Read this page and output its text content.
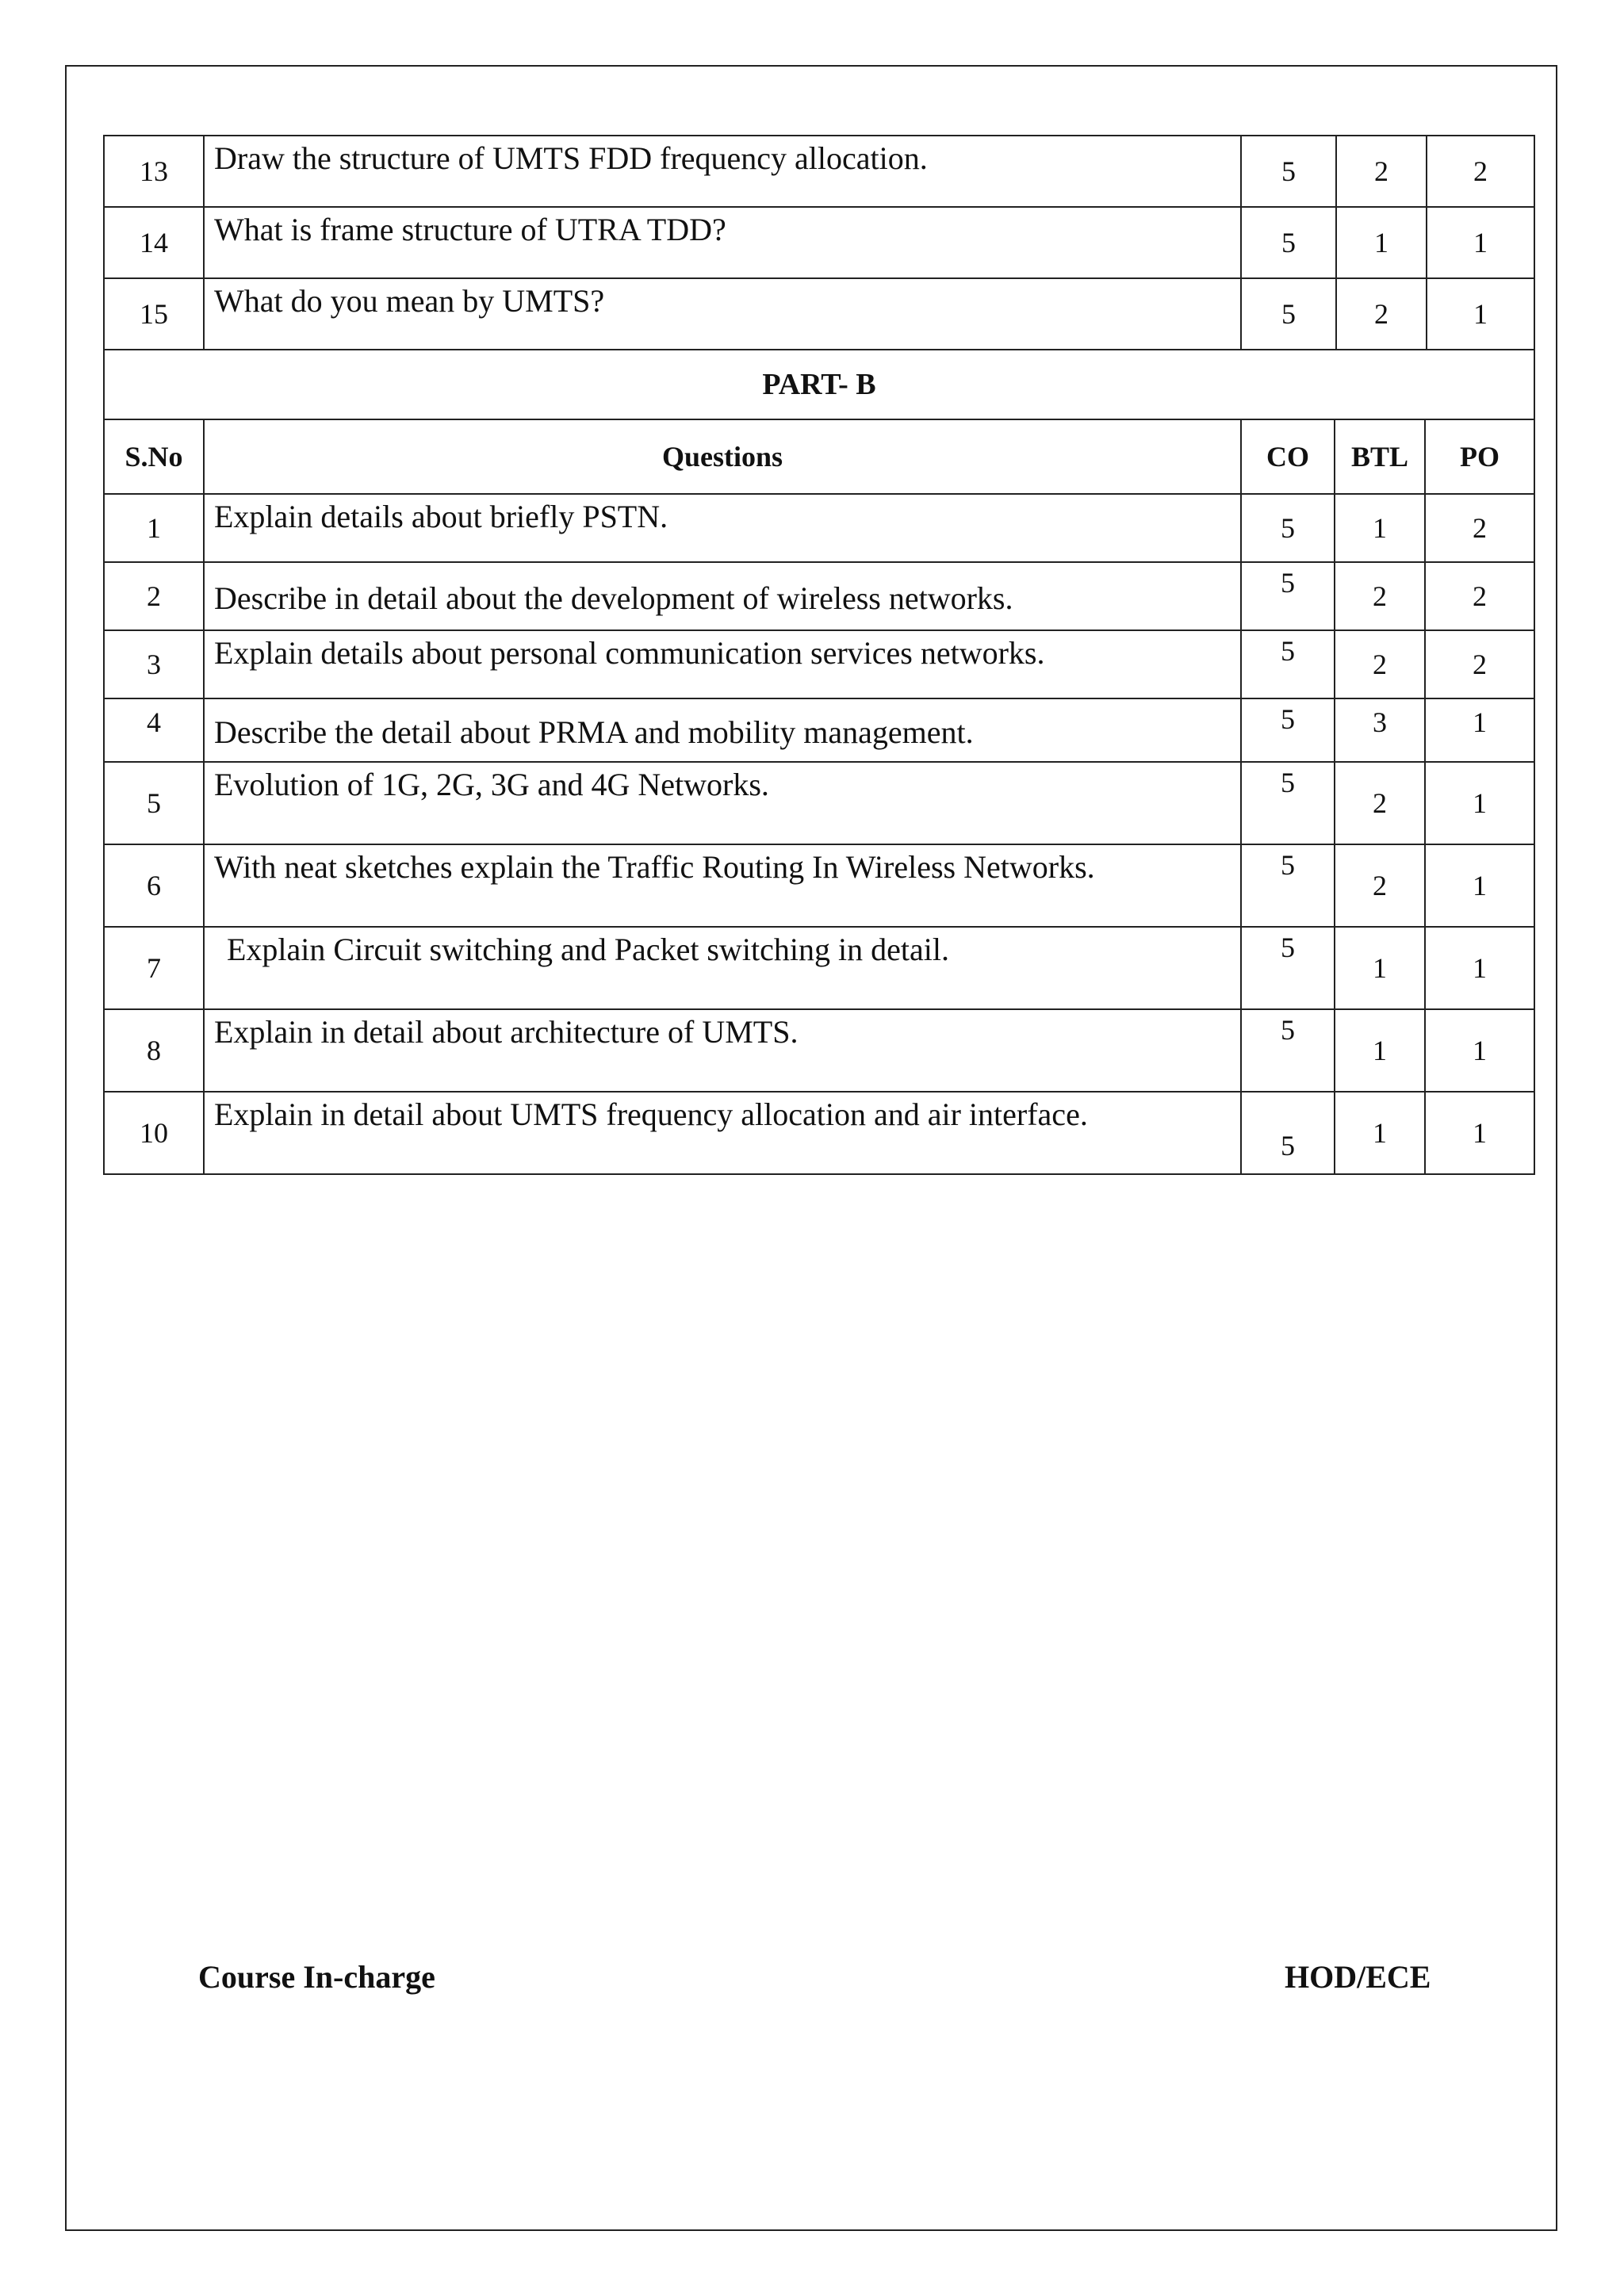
13	Draw the structure of UMTS FDD frequency allocation.	5	2	2
14	What is frame structure of UTRA TDD?	5	1	1
15	What do you mean by UMTS?	5	2	1
PART- B				
S.No	Questions	CO	BTL	PO
1	Explain details about briefly PSTN.	5	1	2
2	Describe in detail about the development of wireless networks.	5	2	2
3	Explain details about personal communication services networks.	5	2	2
4	Describe the detail about PRMA and mobility management.	5	3	1
5	Evolution of 1G, 2G, 3G and 4G Networks.	5	2	1
6	With neat sketches explain the Traffic Routing In Wireless Networks.	5	2	1
7	Explain Circuit switching and Packet switching in detail.	5	1	1
8	Explain in detail about architecture of UMTS.	5	1	1
10	Explain in detail about UMTS frequency allocation and air interface.	5	1	1
Course In-charge	HOD/ECE
